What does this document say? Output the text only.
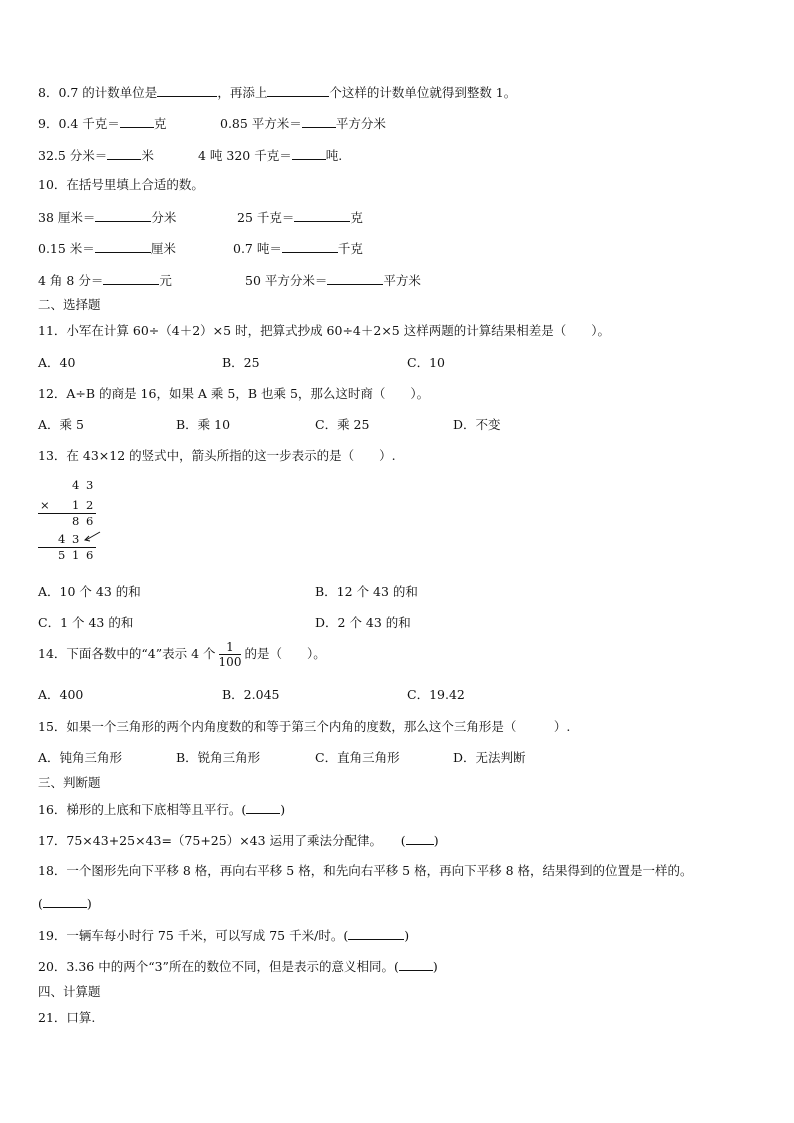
8．0.7 的计数单位是	，再添上	个这样的计数单位就得到整数 1。
9．0.4 千克＝	克	0.85 平方米＝	平方分米
32.5 分米＝	米	4 吨 320 千克＝	吨.
10．在括号里填上合适的数。
38 厘米＝	分米	25 千克＝	克
0.15 米＝	厘米	0.7 吨＝	千克
4 角 8 分＝	元	50 平方分米＝	平方米
二、选择题
11．小军在计算 60÷（4＋2）×5 时，把算式抄成 60÷4＋2×5 这样两题的计算结果相差是（　　）。
A．40	B．25	C．10
12．A÷B 的商是 16，如果 A 乘 5，B 也乘 5，那么这时商（　　）。
A．乘 5	B．乘 10	C．乘 25	D．不变
13．在 43×12 的竖式中，箭头所指的这一步表示的是（　　）.
4 3
× 1 2
8 6
4 3
5 1 6
A．10 个 43 的和	B．12 个 43 的和
C．1 个 43 的和	D．2 个 43 的和
14．下面各数中的“4”表示 4 个 $\frac{1}{100}$ 的是（　　）。
A．400	B．2.045	C．19.42
15．如果一个三角形的两个内角度数的和等于第三个内角的度数，那么这个三角形是（　　　）.
A．钝角三角形	B．锐角三角形	C．直角三角形	D．无法判断
三、判断题
16．梯形的上底和下底相等且平行。(	)
17．75×43+25×43=（75+25）×43 运用了乘法分配律。　　( )
18．一个图形先向下平移 8 格，再向右平移 5 格，和先向右平移 5 格，再向下平移 8 格，结果得到的位置是一样的。
(	)
19．一辆车每小时行 75 千米，可以写成 75 千米/时。(	)
20．3.36 中的两个“3”所在的数位不同，但是表示的意义相同。(	)
四、计算题
21．口算.
